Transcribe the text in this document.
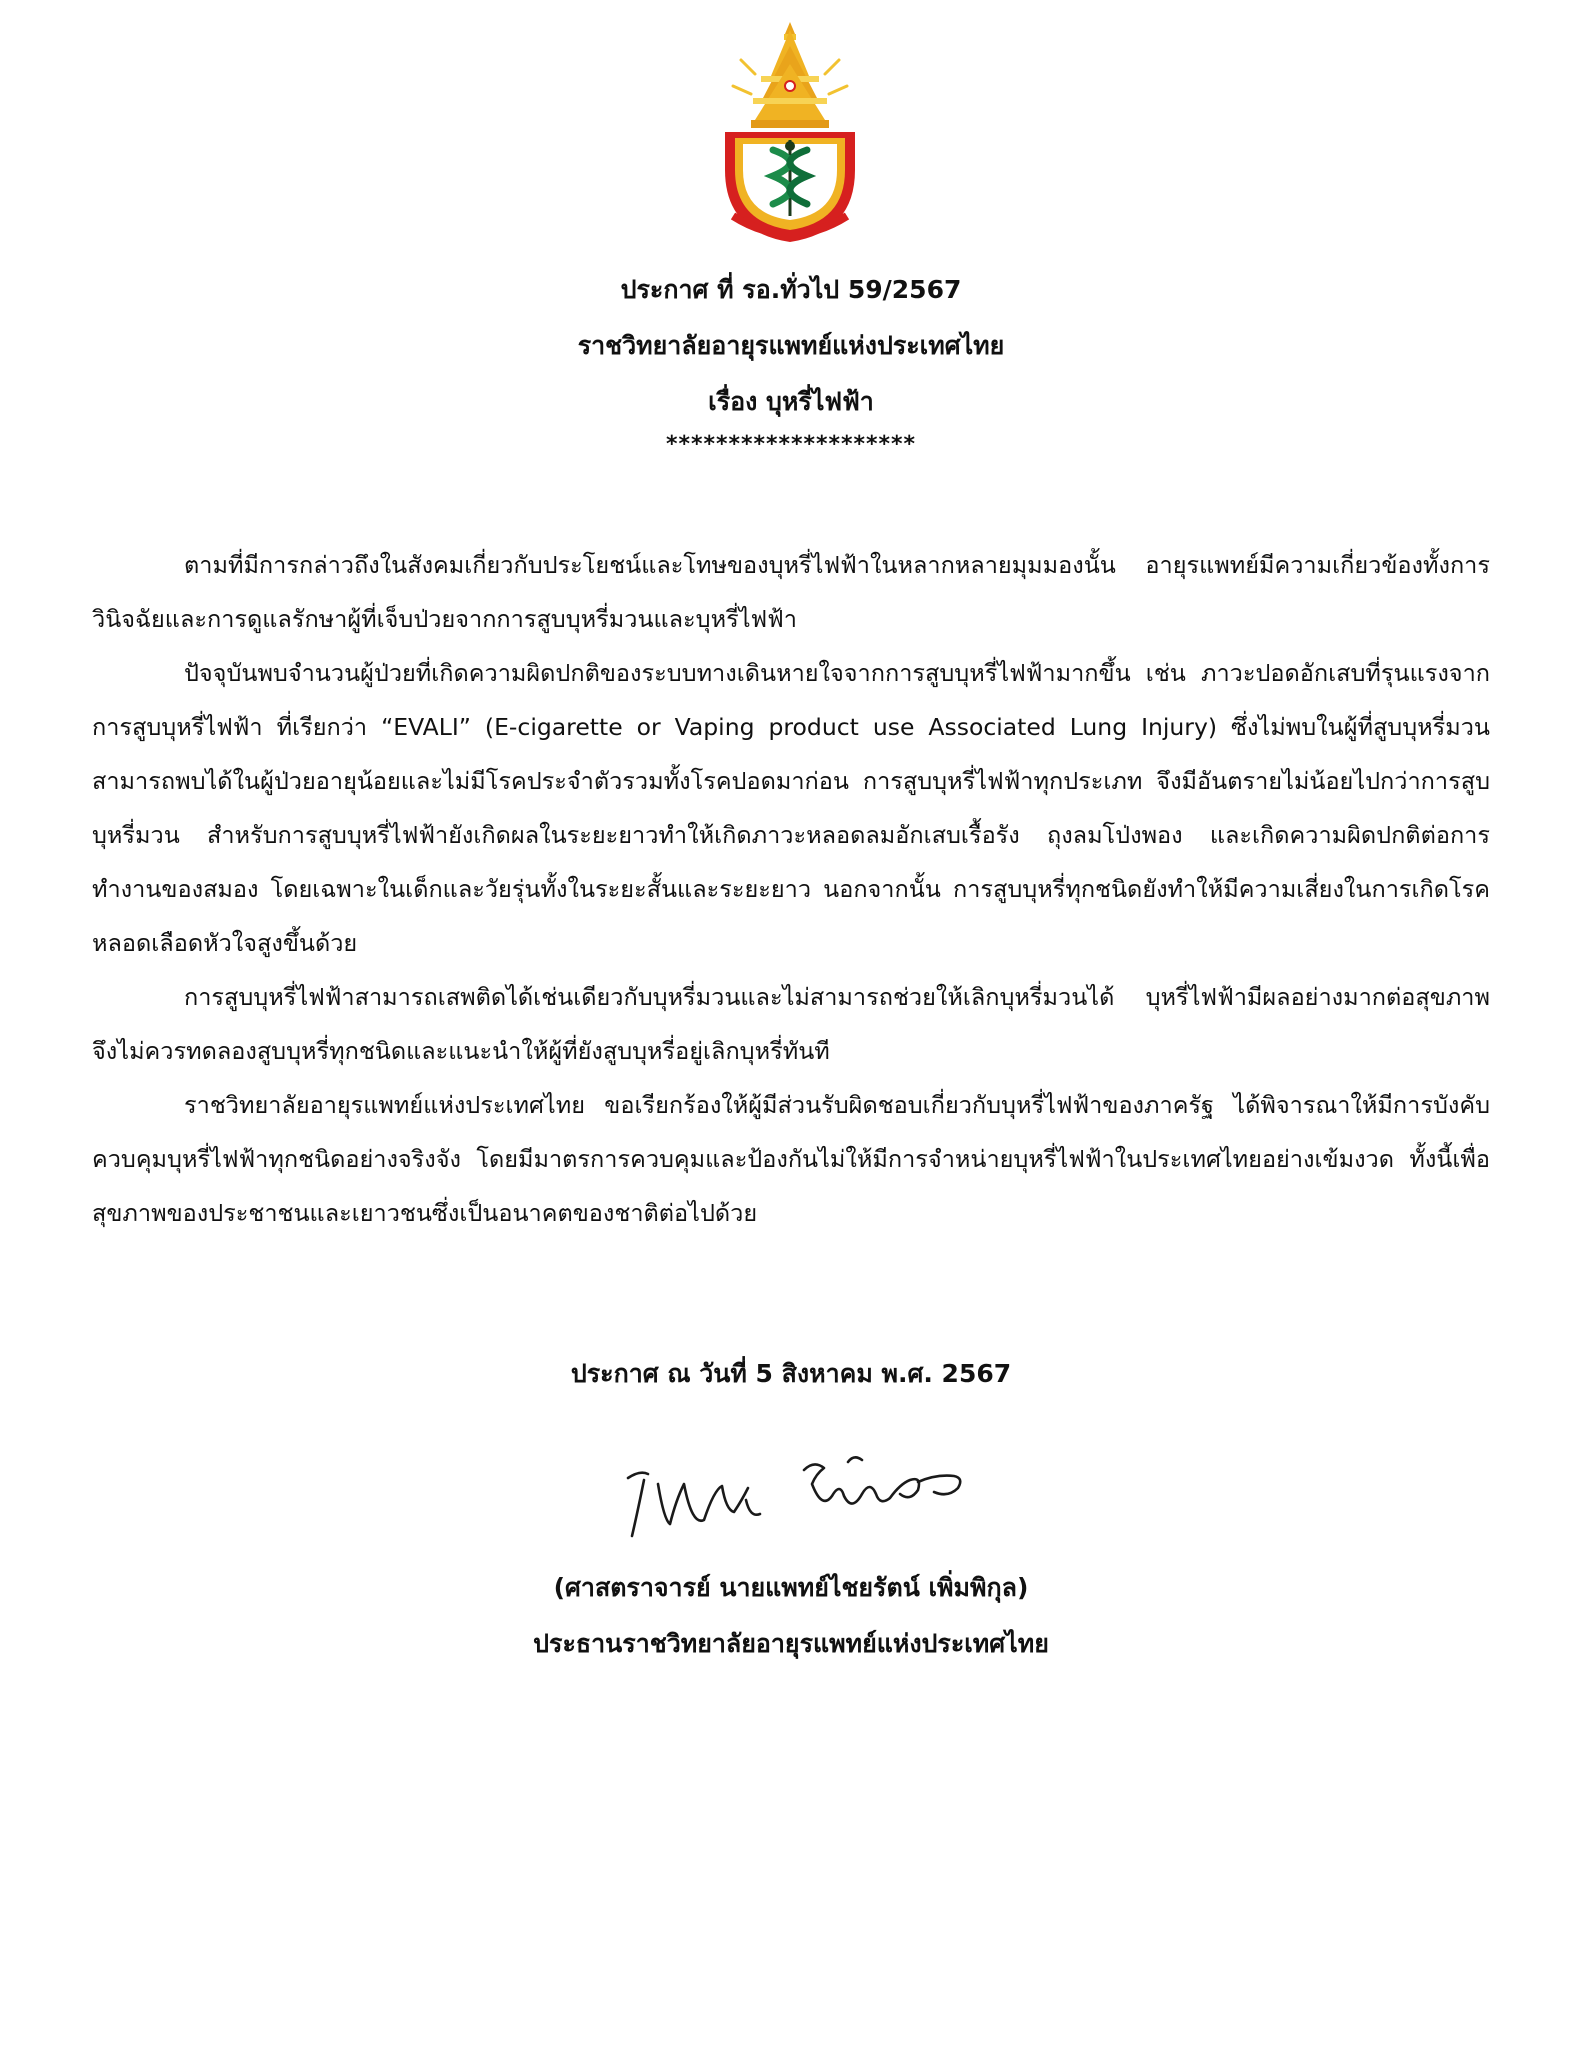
ประกาศ ที่ รอ.ทั่วไป 59/2567
ราชวิทยาลัยอายุรแพทย์แห่งประเทศไทย
เรื่อง บุหรี่ไฟฟ้า
********************

ตามที่มีการกล่าวถึงในสังคมเกี่ยวกับประโยชน์และโทษของบุหรี่ไฟฟ้าในหลากหลายมุมมองนั้น อายุรแพทย์มีความเกี่ยวข้องทั้งการวินิจฉัยและการดูแลรักษาผู้ที่เจ็บป่วยจากการสูบบุหรี่มวนและบุหรี่ไฟฟ้า

ปัจจุบันพบจำนวนผู้ป่วยที่เกิดความผิดปกติของระบบทางเดินหายใจจากการสูบบุหรี่ไฟฟ้ามากขึ้น เช่น ภาวะปอดอักเสบที่รุนแรงจากการสูบบุหรี่ไฟฟ้า ที่เรียกว่า “EVALI” (E-cigarette or Vaping product use Associated Lung Injury) ซึ่งไม่พบในผู้ที่สูบบุหรี่มวน สามารถพบได้ในผู้ป่วยอายุน้อยและไม่มีโรคประจำตัวรวมทั้งโรคปอดมาก่อน การสูบบุหรี่ไฟฟ้าทุกประเภท จึงมีอันตรายไม่น้อยไปกว่าการสูบบุหรี่มวน สำหรับการสูบบุหรี่ไฟฟ้ายังเกิดผลในระยะยาวทำให้เกิดภาวะหลอดลมอักเสบเรื้อรัง ถุงลมโป่งพอง และเกิดความผิดปกติต่อการทำงานของสมอง โดยเฉพาะในเด็กและวัยรุ่นทั้งในระยะสั้นและระยะยาว นอกจากนั้น การสูบบุหรี่ทุกชนิดยังทำให้มีความเสี่ยงในการเกิดโรคหลอดเลือดหัวใจสูงขึ้นด้วย

การสูบบุหรี่ไฟฟ้าสามารถเสพติดได้เช่นเดียวกับบุหรี่มวนและไม่สามารถช่วยให้เลิกบุหรี่มวนได้ บุหรี่ไฟฟ้ามีผลอย่างมากต่อสุขภาพ จึงไม่ควรทดลองสูบบุหรี่ทุกชนิดและแนะนำให้ผู้ที่ยังสูบบุหรี่อยู่เลิกบุหรี่ทันที

ราชวิทยาลัยอายุรแพทย์แห่งประเทศไทย ขอเรียกร้องให้ผู้มีส่วนรับผิดชอบเกี่ยวกับบุหรี่ไฟฟ้าของภาครัฐ ได้พิจารณาให้มีการบังคับควบคุมบุหรี่ไฟฟ้าทุกชนิดอย่างจริงจัง โดยมีมาตรการควบคุมและป้องกันไม่ให้มีการจำหน่ายบุหรี่ไฟฟ้าในประเทศไทยอย่างเข้มงวด ทั้งนี้เพื่อสุขภาพของประชาชนและเยาวชนซึ่งเป็นอนาคตของชาติต่อไปด้วย

ประกาศ ณ วันที่ 5 สิงหาคม พ.ศ. 2567
(ศาสตราจารย์ นายแพทย์ไชยรัตน์ เพิ่มพิกุล)
ประธานราชวิทยาลัยอายุรแพทย์แห่งประเทศไทย
